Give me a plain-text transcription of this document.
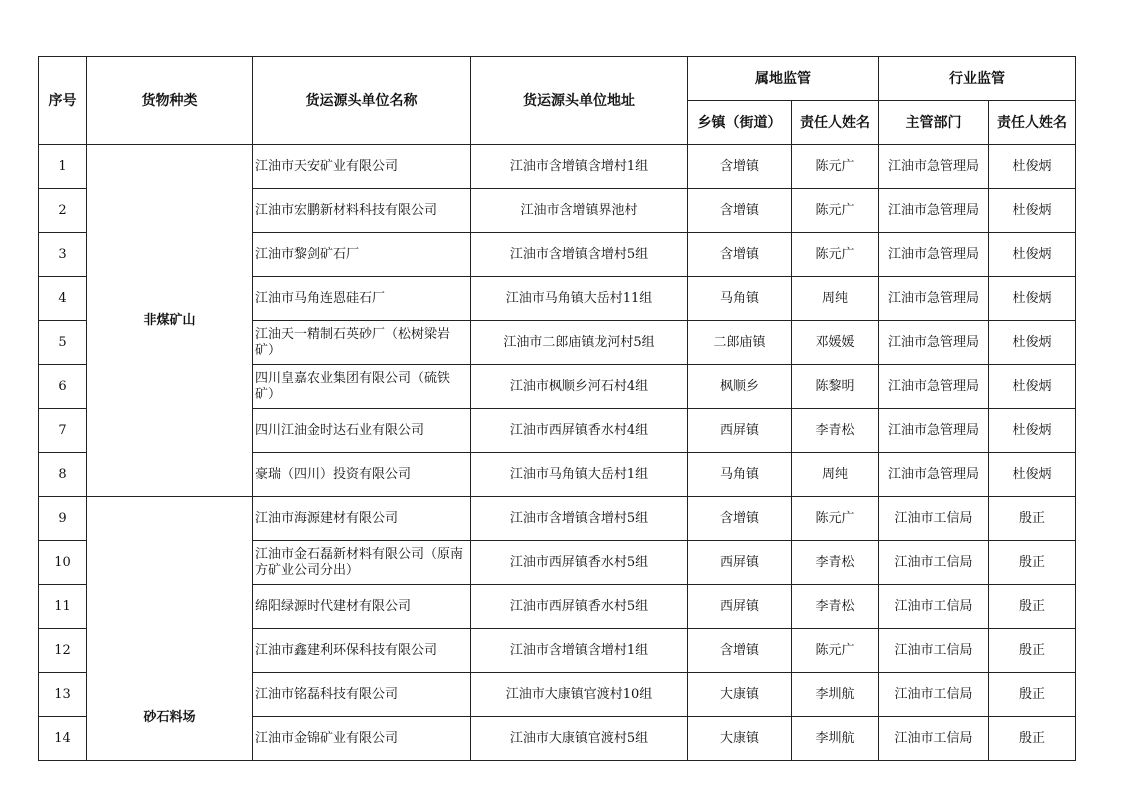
序号	货物种类	货运源头单位名称	货运源头单位地址	属地监管		行业监管	
				乡镇（街道）	责任人姓名	主管部门	责任人姓名
1	非煤矿山	江油市天安矿业有限公司	江油市含增镇含增村1组	含增镇	陈元广	江油市急管理局	杜俊炳
2		江油市宏鹏新材料科技有限公司	江油市含增镇界池村	含增镇	陈元广	江油市急管理局	杜俊炳
3		江油市黎剑矿石厂	江油市含增镇含增村5组	含增镇	陈元广	江油市急管理局	杜俊炳
4		江油市马角连恩硅石厂	江油市马角镇大岳村11组	马角镇	周纯	江油市急管理局	杜俊炳
5		江油天一精制石英砂厂（松树梁岩矿）	江油市二郎庙镇龙河村5组	二郎庙镇	邓媛媛	江油市急管理局	杜俊炳
6		四川皇嘉农业集团有限公司（硫铁矿）	江油市枫顺乡河石村4组	枫顺乡	陈黎明	江油市急管理局	杜俊炳
7		四川江油金时达石业有限公司	江油市西屏镇香水村4组	西屏镇	李青松	江油市急管理局	杜俊炳
8		豪瑞（四川）投资有限公司	江油市马角镇大岳村1组	马角镇	周纯	江油市急管理局	杜俊炳
9	砂石料场	江油市海源建材有限公司	江油市含增镇含增村5组	含增镇	陈元广	江油市工信局	殷正
10		江油市金石磊新材料有限公司（原南方矿业公司分出）	江油市西屏镇香水村5组	西屏镇	李青松	江油市工信局	殷正
11		绵阳绿源时代建材有限公司	江油市西屏镇香水村5组	西屏镇	李青松	江油市工信局	殷正
12		江油市鑫建利环保科技有限公司	江油市含增镇含增村1组	含增镇	陈元广	江油市工信局	殷正
13		江油市铭磊科技有限公司	江油市大康镇官渡村10组	大康镇	李圳航	江油市工信局	殷正
14		江油市金锦矿业有限公司	江油市大康镇官渡村5组	大康镇	李圳航	江油市工信局	殷正
